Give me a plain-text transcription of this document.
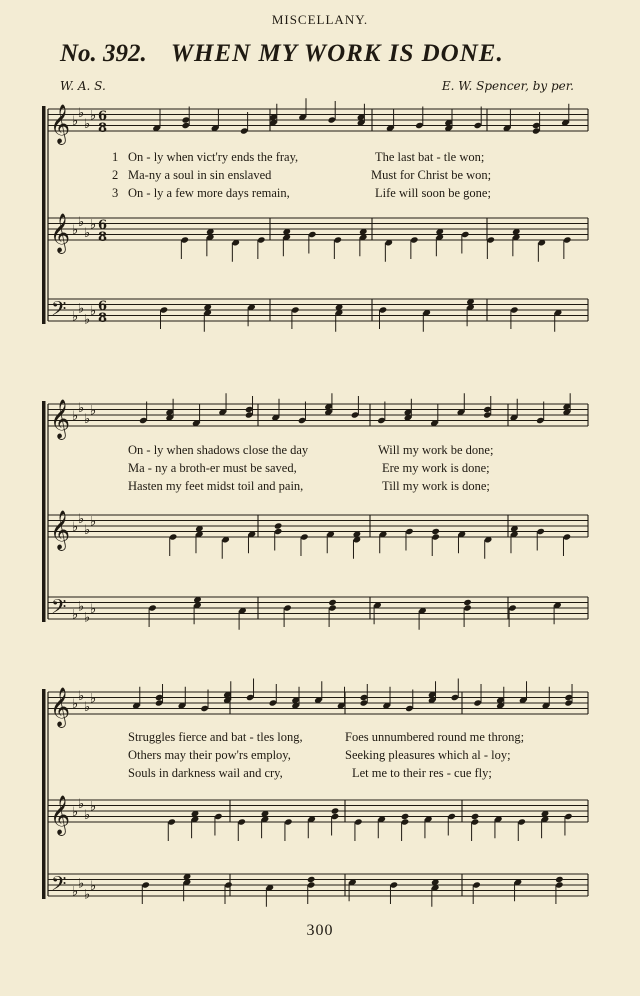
MISCELLANY.
No. 392. WHEN MY WORK IS DONE.
W. A. S.	E. W. Spencer, by per.
𝄞 ♭
♭
♭
♭ 6
8
𝄞 ♭
♭
♭
♭ 6
8
𝄢 ♭
♭
♭
♭ 6
8
𝄞 ♭
♭
♭
♭
𝄞 ♭
♭
♭
♭
𝄢 ♭
♭
♭
♭
𝄞 ♭
♭
♭
♭
𝄞 ♭
♭
♭
♭
𝄢 ♭
♭
♭
♭
1 On - ly when vict'ry ends the fray,	The last bat - tle won;
2 Ma-ny a soul in sin enslaved	Must for Christ be won;
3 On - ly a few more days remain,	Life will soon be gone;
On - ly when shadows close the day	Will my work be done;
Ma - ny a broth-er must be saved,	Ere my work is done;
Hasten my feet midst toil and pain,	Till my work is done;
Struggles fierce and bat - tles long,	Foes unnumbered round me throng;
Others may their pow'rs employ,	Seeking pleasures which al - loy;
Souls in darkness wail and cry,	Let me to their res - cue fly;
300
